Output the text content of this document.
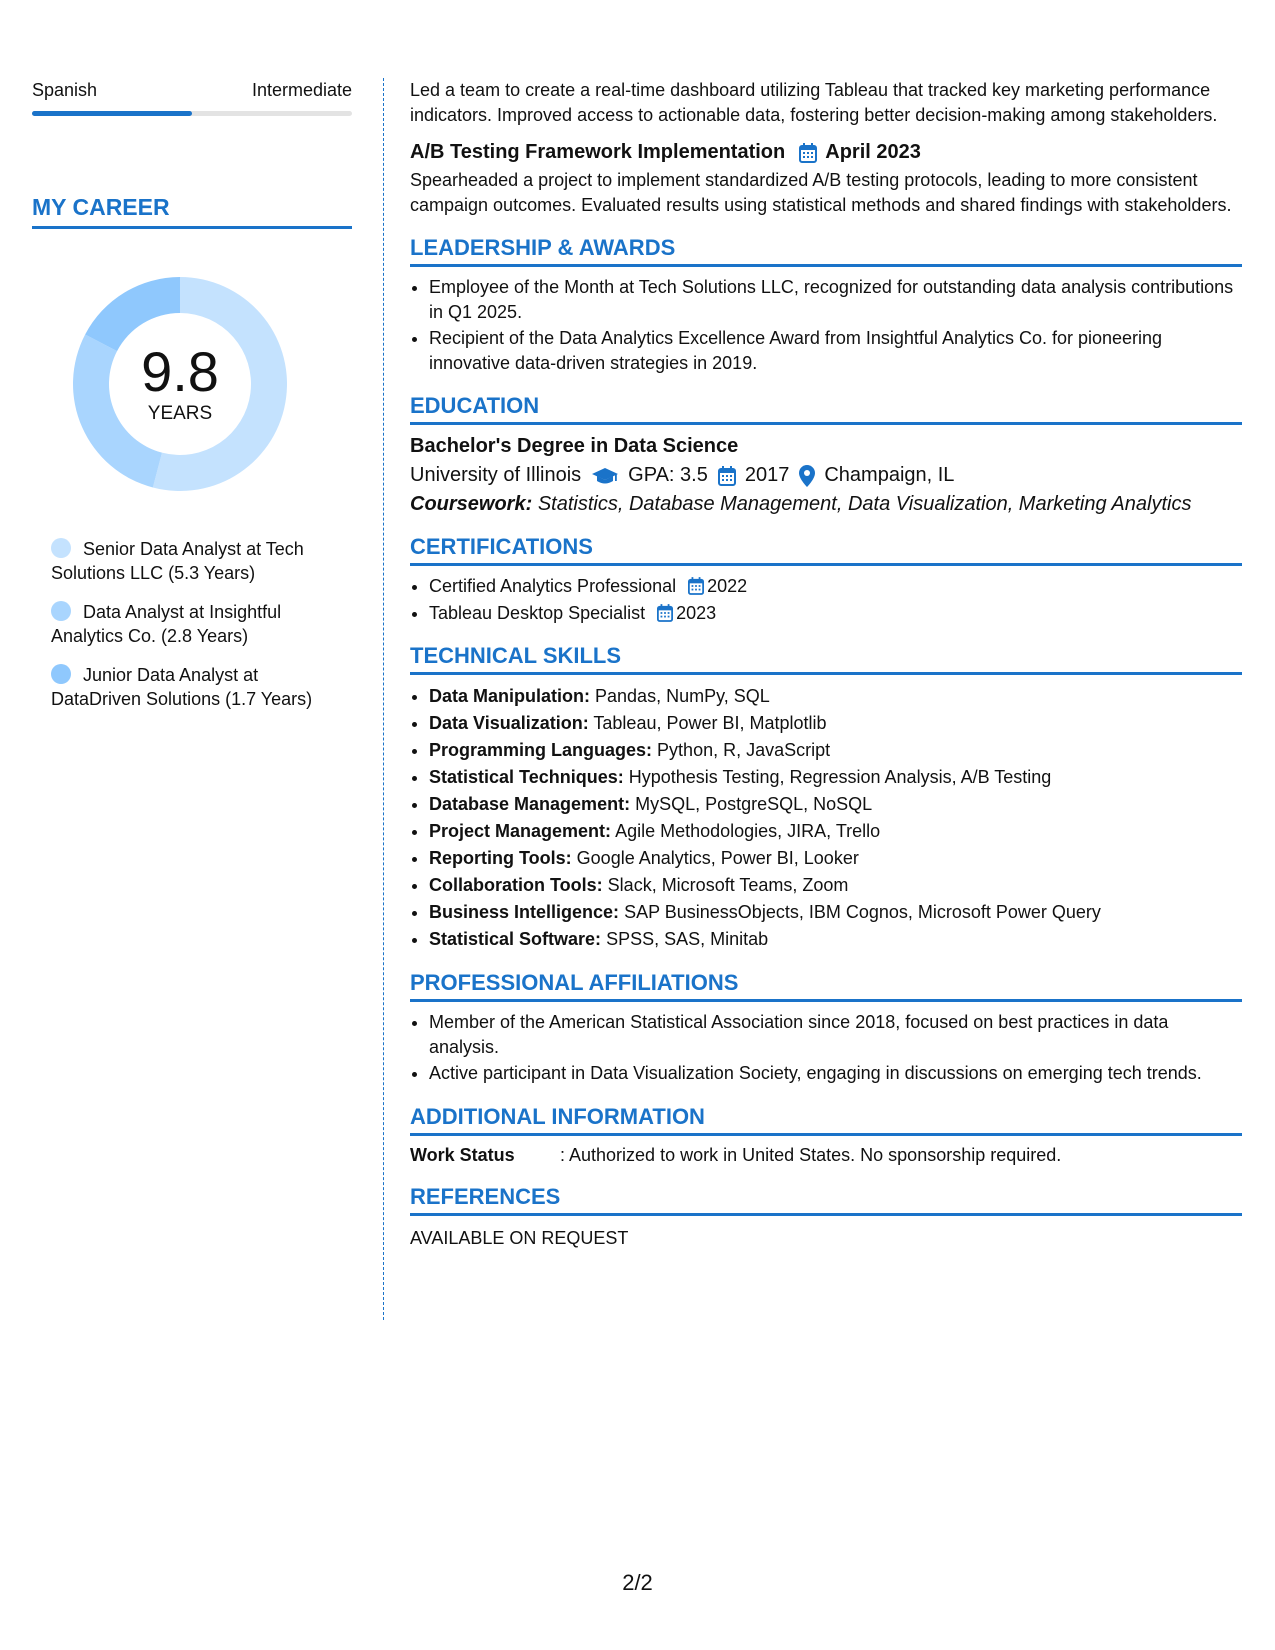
Spanish	Intermediate
MY CAREER
9.8
YEARS
Senior Data Analyst at Tech Solutions LLC (5.3 Years)
Data Analyst at Insightful Analytics Co. (2.8 Years)
Junior Data Analyst at DataDriven Solutions (1.7 Years)

Led a team to create a real-time dashboard utilizing Tableau that tracked key marketing performance indicators. Improved access to actionable data, fostering better decision-making among stakeholders.

A/B Testing Framework Implementation April 2023

Spearheaded a project to implement standardized A/B testing protocols, leading to more consistent campaign outcomes. Evaluated results using statistical methods and shared findings with stakeholders.

LEADERSHIP & AWARDS
• Employee of the Month at Tech Solutions LLC, recognized for outstanding data analysis contributions in Q1 2025.
• Recipient of the Data Analytics Excellence Award from Insightful Analytics Co. for pioneering innovative data-driven strategies in 2019.
EDUCATION
Bachelor's Degree in Data Science
University of Illinois GPA: 3.5 2017 Champaign, IL
Coursework: Statistics, Database Management, Data Visualization, Marketing Analytics
CERTIFICATIONS
• Certified Analytics Professional 2022
• Tableau Desktop Specialist 2023
TECHNICAL SKILLS
• Data Manipulation: Pandas, NumPy, SQL
• Data Visualization: Tableau, Power BI, Matplotlib
• Programming Languages: Python, R, JavaScript
• Statistical Techniques: Hypothesis Testing, Regression Analysis, A/B Testing
• Database Management: MySQL, PostgreSQL, NoSQL
• Project Management: Agile Methodologies, JIRA, Trello
• Reporting Tools: Google Analytics, Power BI, Looker
• Collaboration Tools: Slack, Microsoft Teams, Zoom
• Business Intelligence: SAP BusinessObjects, IBM Cognos, Microsoft Power Query
• Statistical Software: SPSS, SAS, Minitab
PROFESSIONAL AFFILIATIONS
• Member of the American Statistical Association since 2018, focused on best practices in data analysis.
• Active participant in Data Visualization Society, engaging in discussions on emerging tech trends.
ADDITIONAL INFORMATION
Work Status	: Authorized to work in United States. No sponsorship required.
REFERENCES
AVAILABLE ON REQUEST
2/2
